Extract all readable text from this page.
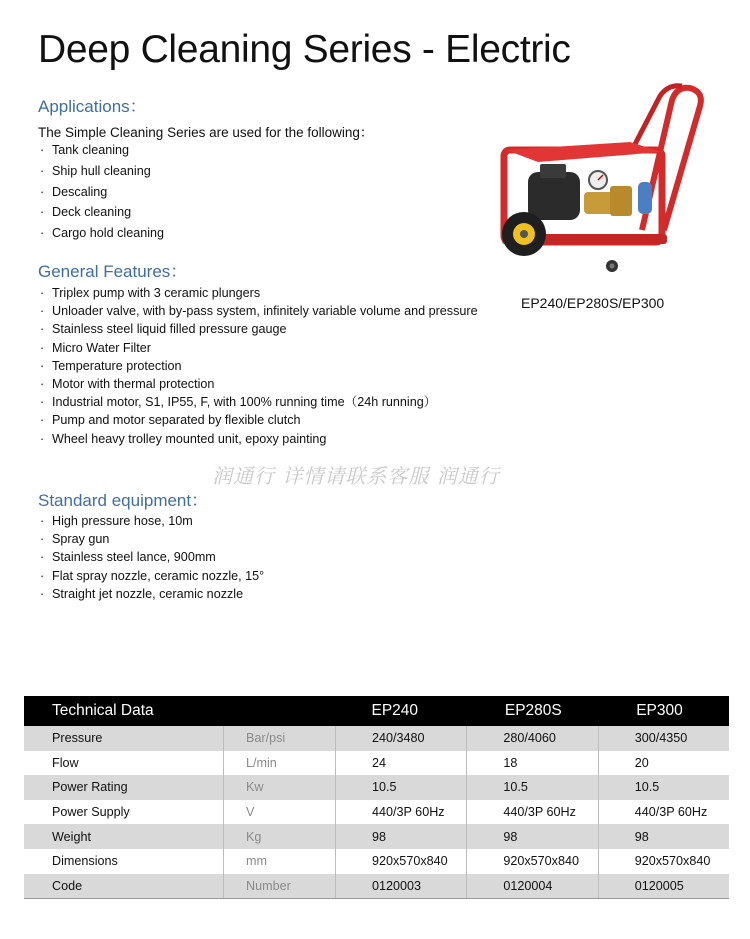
Deep Cleaning Series - Electric
Applications：
The Simple Cleaning Series are used for the following：
· Tank cleaning
· Ship hull cleaning
· Descaling
· Deck cleaning
· Cargo hold cleaning
General Features：
· Triplex pump with 3 ceramic plungers
· Unloader valve, with by-pass system, infinitely variable volume and pressure
· Stainless steel liquid filled pressure gauge
· Micro Water Filter
· Temperature protection
· Motor with thermal protection
· Industrial motor, S1, IP55, F, with 100% running time（24h running）
· Pump and motor separated by flexible clutch
· Wheel heavy trolley mounted unit, epoxy painting
润通行 详情请联系客服 润通行
Standard equipment：
· High pressure hose, 10m
· Spray gun
· Stainless steel lance, 900mm
· Flat spray nozzle, ceramic nozzle, 15°
· Straight jet nozzle, ceramic nozzle
EP240/EP280S/EP300
Technical Data		EP240	EP280S	EP300
Pressure	Bar/psi	240/3480	280/4060	300/4350
Flow	L/min	24	18	20
Power Rating	Kw	10.5	10.5	10.5
Power Supply	V	440/3P 60Hz	440/3P 60Hz	440/3P 60Hz
Weight	Kg	98	98	98
Dimensions	mm	920x570x840	920x570x840	920x570x840
Code	Number	0120003	0120004	0120005
